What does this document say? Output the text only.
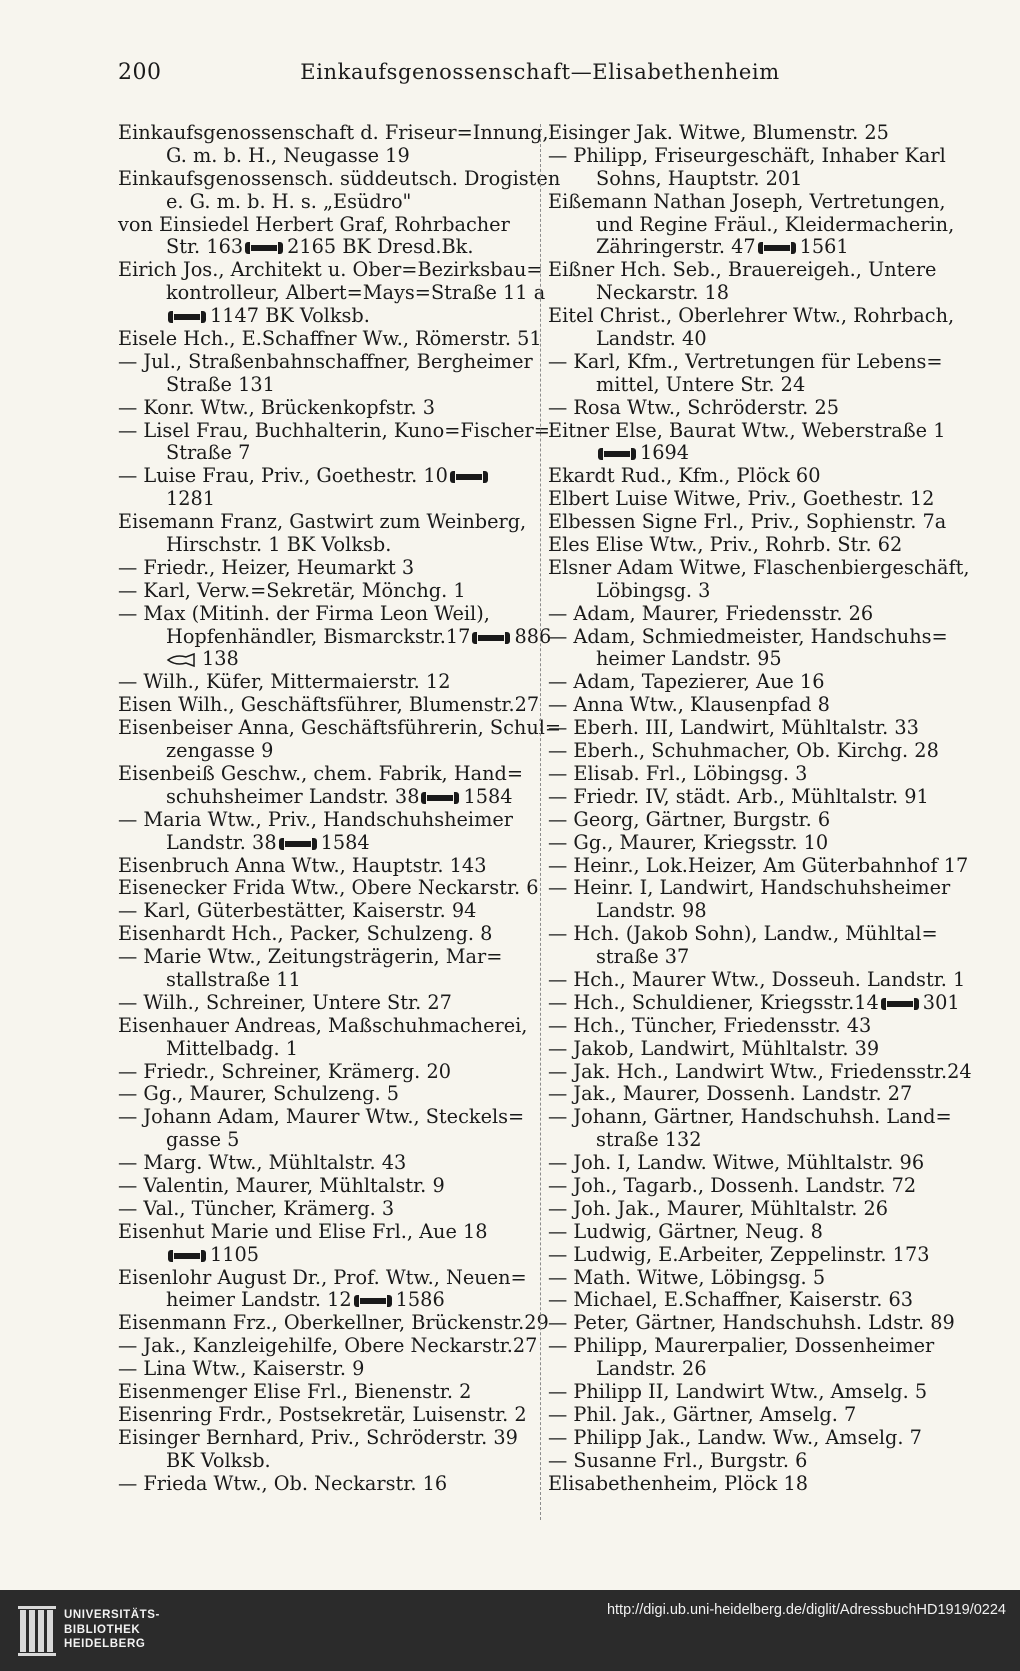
200	Einkaufsgenossenschaft—Elisabethenheim
Einkaufsgenossenschaft d. Friseur=Innung,
G. m. b. H., Neugasse 19
Einkaufsgenossensch. süddeutsch. Drogisten
e. G. m. b. H. s. „Esüdro"
von Einsiedel Herbert Graf, Rohrbacher
Str. 163 2165 BK Dresd.Bk.
Eirich Jos., Architekt u. Ober=Bezirksbau=
kontrolleur, Albert=Mays=Straße 11 a
1147 BK Volksb.
Eisele Hch., E.Schaffner Ww., Römerstr. 51
— Jul., Straßenbahnschaffner, Bergheimer
Straße 131
— Konr. Wtw., Brückenkopfstr. 3
— Lisel Frau, Buchhalterin, Kuno=Fischer=
Straße 7
— Luise Frau, Priv., Goethestr. 10
1281
Eisemann Franz, Gastwirt zum Weinberg,
Hirschstr. 1 BK Volksb.
— Friedr., Heizer, Heumarkt 3
— Karl, Verw.=Sekretär, Mönchg. 1
— Max (Mitinh. der Firma Leon Weil),
Hopfenhändler, Bismarckstr.17 886
138
— Wilh., Küfer, Mittermaierstr. 12
Eisen Wilh., Geschäftsführer, Blumenstr.27
Eisenbeiser Anna, Geschäftsführerin, Schul=
zengasse 9
Eisenbeiß Geschw., chem. Fabrik, Hand=
schuhsheimer Landstr. 38 1584
— Maria Wtw., Priv., Handschuhsheimer
Landstr. 38 1584
Eisenbruch Anna Wtw., Hauptstr. 143
Eisenecker Frida Wtw., Obere Neckarstr. 6
— Karl, Güterbestätter, Kaiserstr. 94
Eisenhardt Hch., Packer, Schulzeng. 8
— Marie Wtw., Zeitungsträgerin, Mar=
stallstraße 11
— Wilh., Schreiner, Untere Str. 27
Eisenhauer Andreas, Maßschuhmacherei,
Mittelbadg. 1
— Friedr., Schreiner, Krämerg. 20
— Gg., Maurer, Schulzeng. 5
— Johann Adam, Maurer Wtw., Steckels=
gasse 5
— Marg. Wtw., Mühltalstr. 43
— Valentin, Maurer, Mühltalstr. 9
— Val., Tüncher, Krämerg. 3
Eisenhut Marie und Elise Frl., Aue 18
1105
Eisenlohr August Dr., Prof. Wtw., Neuen=
heimer Landstr. 12 1586
Eisenmann Frz., Oberkellner, Brückenstr.29
— Jak., Kanzleigehilfe, Obere Neckarstr.27
— Lina Wtw., Kaiserstr. 9
Eisenmenger Elise Frl., Bienenstr. 2
Eisenring Frdr., Postsekretär, Luisenstr. 2
Eisinger Bernhard, Priv., Schröderstr. 39
BK Volksb.
— Frieda Wtw., Ob. Neckarstr. 16
Eisinger Jak. Witwe, Blumenstr. 25
— Philipp, Friseurgeschäft, Inhaber Karl
Sohns, Hauptstr. 201
Eißemann Nathan Joseph, Vertretungen,
und Regine Fräul., Kleidermacherin,
Zähringerstr. 47 1561
Eißner Hch. Seb., Brauereigeh., Untere
Neckarstr. 18
Eitel Christ., Oberlehrer Wtw., Rohrbach,
Landstr. 40
— Karl, Kfm., Vertretungen für Lebens=
mittel, Untere Str. 24
— Rosa Wtw., Schröderstr. 25
Eitner Else, Baurat Wtw., Weberstraße 1
1694
Ekardt Rud., Kfm., Plöck 60
Elbert Luise Witwe, Priv., Goethestr. 12
Elbessen Signe Frl., Priv., Sophienstr. 7a
Eles Elise Wtw., Priv., Rohrb. Str. 62
Elsner Adam Witwe, Flaschenbiergeschäft,
Löbingsg. 3
— Adam, Maurer, Friedensstr. 26
— Adam, Schmiedmeister, Handschuhs=
heimer Landstr. 95
— Adam, Tapezierer, Aue 16
— Anna Wtw., Klausenpfad 8
— Eberh. III, Landwirt, Mühltalstr. 33
— Eberh., Schuhmacher, Ob. Kirchg. 28
— Elisab. Frl., Löbingsg. 3
— Friedr. IV, städt. Arb., Mühltalstr. 91
— Georg, Gärtner, Burgstr. 6
— Gg., Maurer, Kriegsstr. 10
— Heinr., Lok.Heizer, Am Güterbahnhof 17
— Heinr. I, Landwirt, Handschuhsheimer
Landstr. 98
— Hch. (Jakob Sohn), Landw., Mühltal=
straße 37
— Hch., Maurer Wtw., Dosseuh. Landstr. 1
— Hch., Schuldiener, Kriegsstr.14 301
— Hch., Tüncher, Friedensstr. 43
— Jakob, Landwirt, Mühltalstr. 39
— Jak. Hch., Landwirt Wtw., Friedensstr.24
— Jak., Maurer, Dossenh. Landstr. 27
— Johann, Gärtner, Handschuhsh. Land=
straße 132
— Joh. I, Landw. Witwe, Mühltalstr. 96
— Joh., Tagarb., Dossenh. Landstr. 72
— Joh. Jak., Maurer, Mühltalstr. 26
— Ludwig, Gärtner, Neug. 8
— Ludwig, E.Arbeiter, Zeppelinstr. 173
— Math. Witwe, Löbingsg. 5
— Michael, E.Schaffner, Kaiserstr. 63
— Peter, Gärtner, Handschuhsh. Ldstr. 89
— Philipp, Maurerpalier, Dossenheimer
Landstr. 26
— Philipp II, Landwirt Wtw., Amselg. 5
— Phil. Jak., Gärtner, Amselg. 7
— Philipp Jak., Landw. Ww., Amselg. 7
— Susanne Frl., Burgstr. 6
Elisabethenheim, Plöck 18
UNIVERSITÄTS-
BIBLIOTHEK
HEIDELBERG
http://digi.ub.uni-heidelberg.de/diglit/AdressbuchHD1919/0224
